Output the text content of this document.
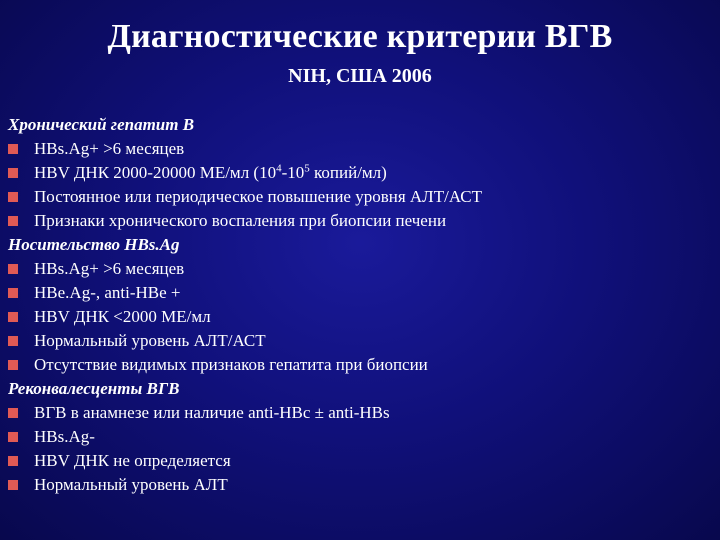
Диагностические критерии ВГВ
NIH, США 2006
Хронический гепатит В
HBs.Ag+ >6 месяцев
HBV ДНК 2000-20000 МЕ/мл ($10^4-10^5$ копий/мл)
Постоянное или периодическое повышение уровня АЛТ/АСТ
Признаки хронического воспаления при биопсии печени
Носительство HBs.Ag
HBs.Ag+ >6 месяцев
HBe.Ag-, anti-HBe +
HBV ДНК <2000 МЕ/мл
Нормальный уровень АЛТ/АСТ
Отсутствие видимых признаков гепатита при биопсии
Реконвалесценты ВГВ
ВГВ в анамнезе или наличие anti-HBc ± anti-HBs
HBs.Ag-
HBV ДНК не определяется
Нормальный уровень АЛТ
